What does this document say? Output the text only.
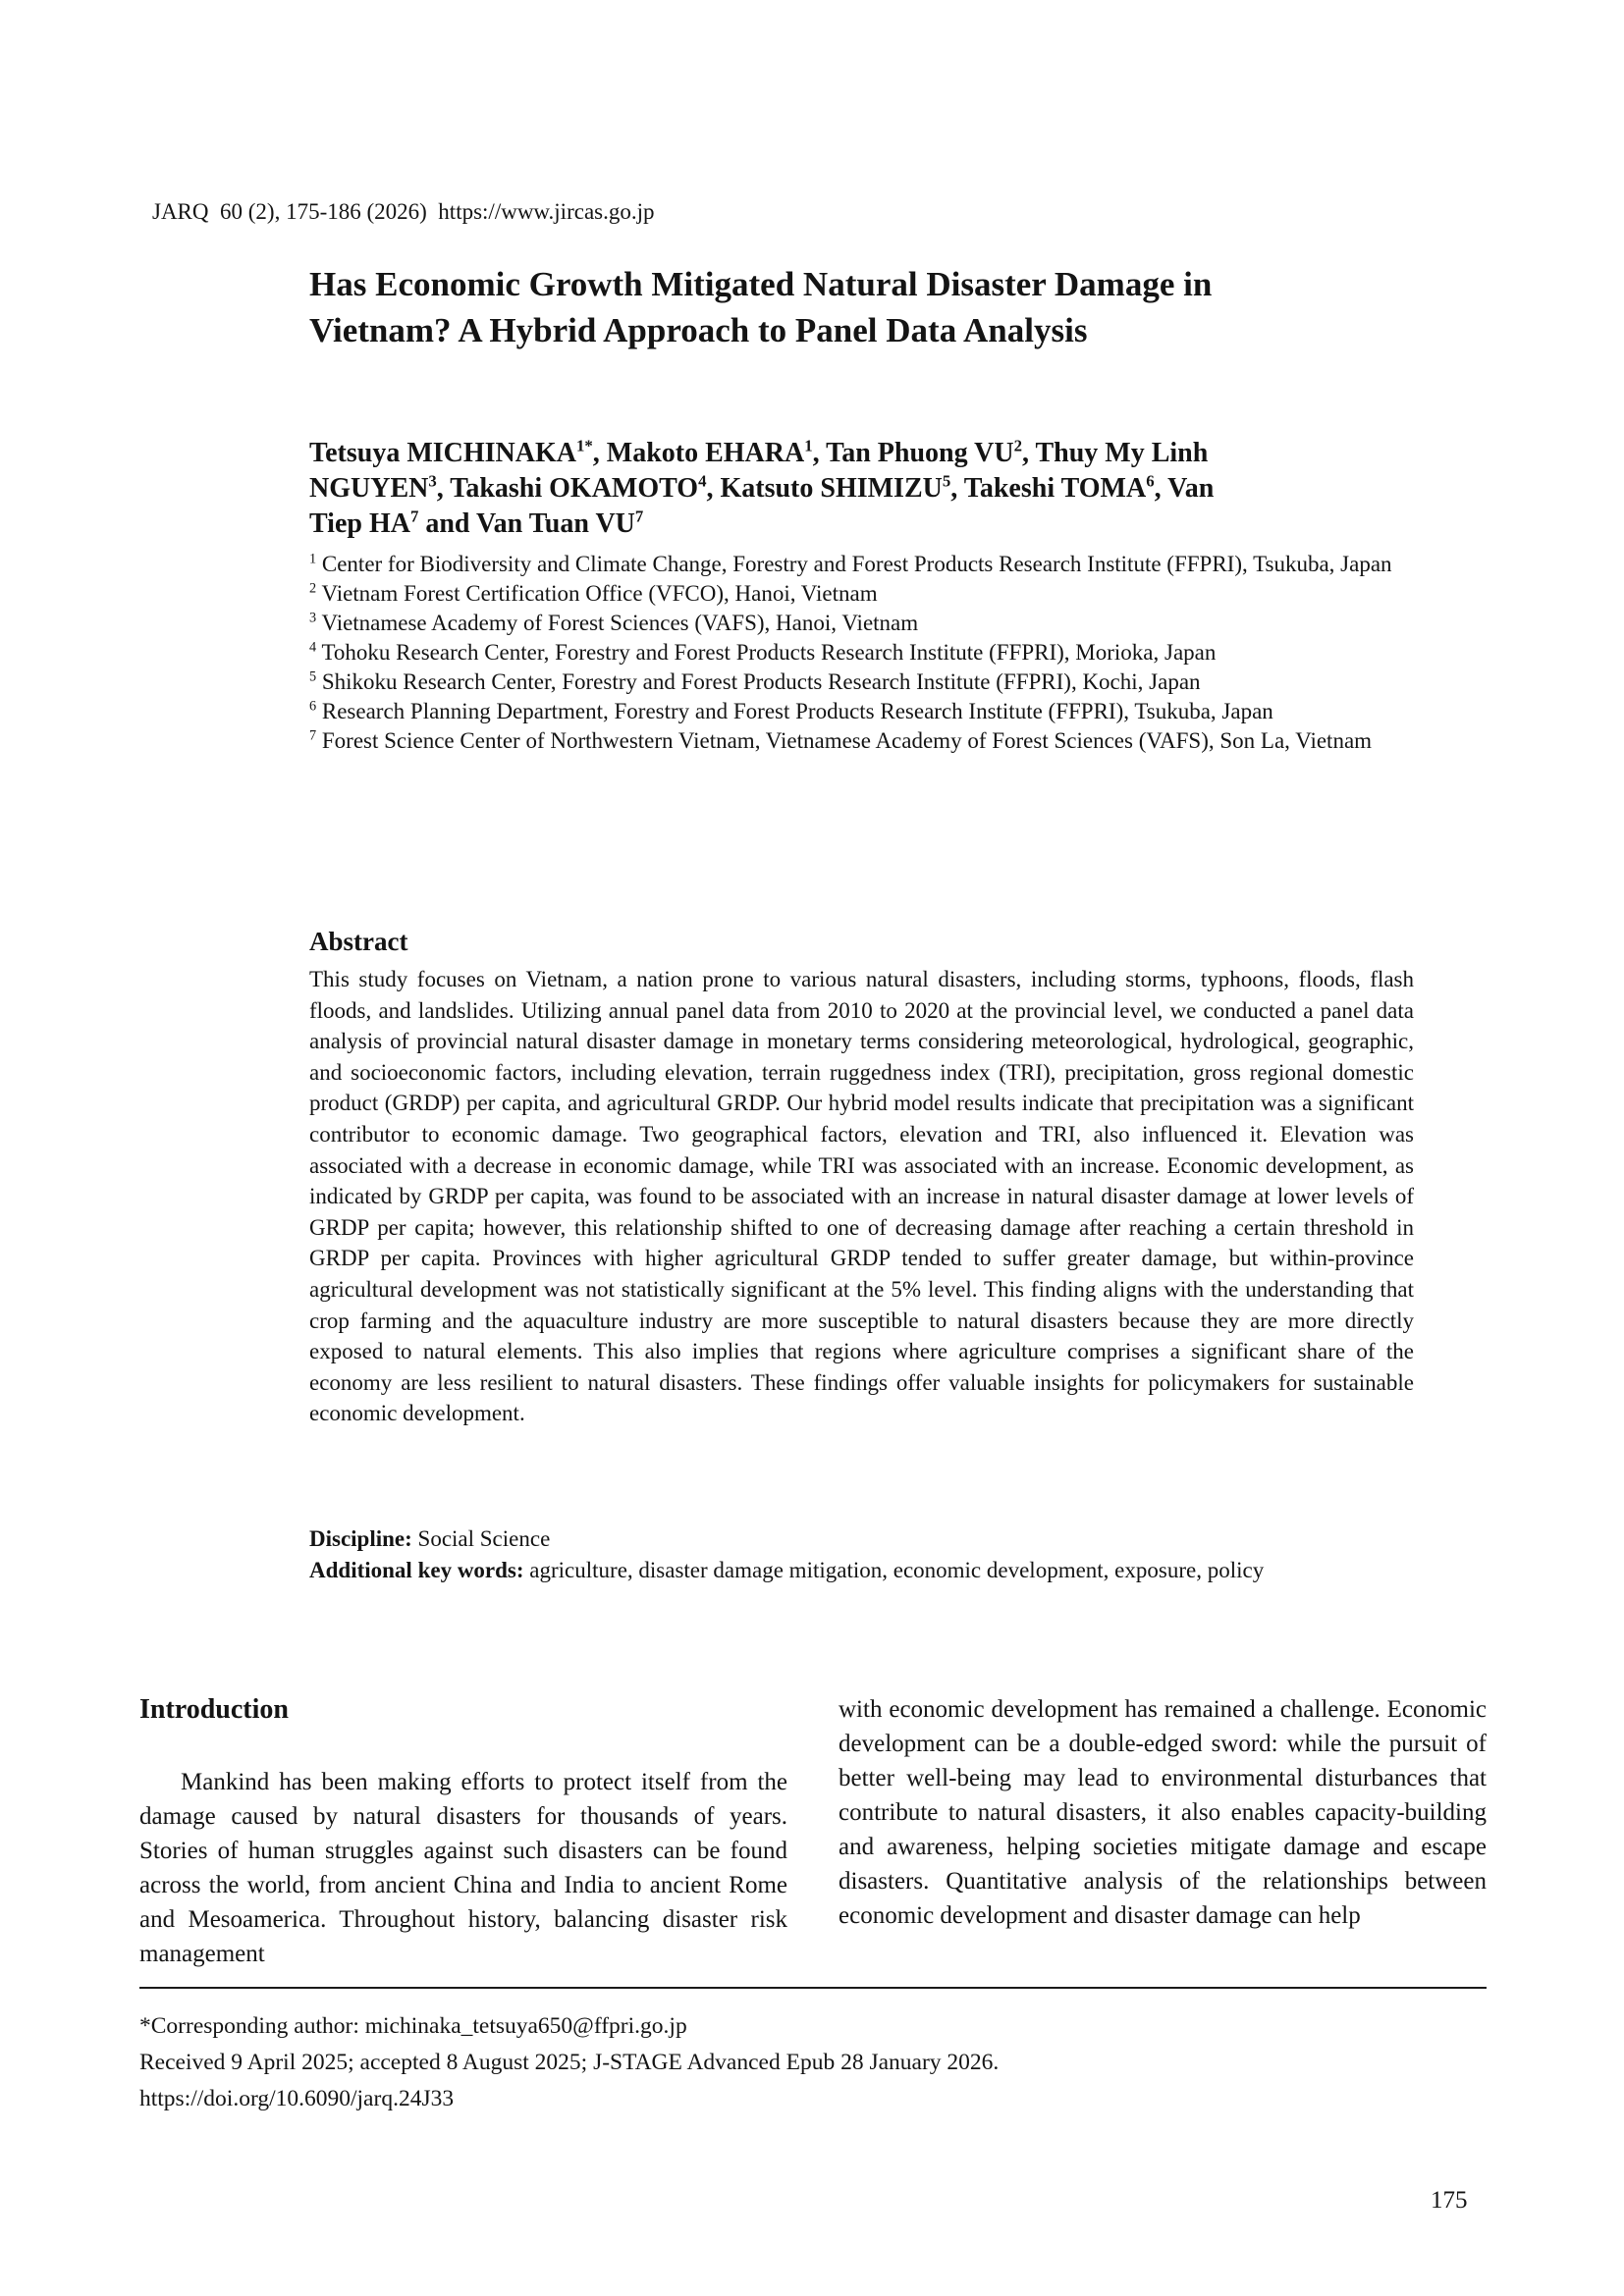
JARQ  60 (2), 175-186 (2026)  https://www.jircas.go.jp
Has Economic Growth Mitigated Natural Disaster Damage in
Vietnam? A Hybrid Approach to Panel Data Analysis
Tetsuya $MICHINAKA^{1*}$, Makoto EHARA$^1$, Tan Phuong $VU^2$, Thuy My Linh
NGUYEN$^3$, Takashi OKAMOTO$^4$, Katsuto SHIMIZU$^5$, Takeshi TOMA$^6$, Van
Tiep $HA^7$ and Van Tuan $VU^7$
$^1$ Center for Biodiversity and Climate Change, Forestry and Forest Products Research Institute (FFPRI), Tsukuba, Japan
$^2$ Vietnam Forest Certification Office (VFCO), Hanoi, Vietnam
$^3$ Vietnamese Academy of Forest Sciences (VAFS), Hanoi, Vietnam
$^4$ Tohoku Research Center, Forestry and Forest Products Research Institute (FFPRI), Morioka, Japan
$^5$ Shikoku Research Center, Forestry and Forest Products Research Institute (FFPRI), Kochi, Japan
$^6$ Research Planning Department, Forestry and Forest Products Research Institute (FFPRI), Tsukuba, Japan
$^7$ Forest Science Center of Northwestern Vietnam, Vietnamese Academy of Forest Sciences (VAFS), Son La, Vietnam
Abstract

This study focuses on Vietnam, a nation prone to various natural disasters, including storms, typhoons, floods, flash floods, and landslides. Utilizing annual panel data from 2010 to 2020 at the provincial level, we conducted a panel data analysis of provincial natural disaster damage in monetary terms considering meteorological, hydrological, geographic, and socioeconomic factors, including elevation, terrain ruggedness index (TRI), precipitation, gross regional domestic product (GRDP) per capita, and agricultural GRDP. Our hybrid model results indicate that precipitation was a significant contributor to economic damage. Two geographical factors, elevation and TRI, also influenced it. Elevation was associated with a decrease in economic damage, while TRI was associated with an increase. Economic development, as indicated by GRDP per capita, was found to be associated with an increase in natural disaster damage at lower levels of GRDP per capita; however, this relationship shifted to one of decreasing damage after reaching a certain threshold in GRDP per capita. Provinces with higher agricultural GRDP tended to suffer greater damage, but within-province agricultural development was not statistically significant at the 5% level. This finding aligns with the understanding that crop farming and the aquaculture industry are more susceptible to natural disasters because they are more directly exposed to natural elements. This also implies that regions where agriculture comprises a significant share of the economy are less resilient to natural disasters. These findings offer valuable insights for policymakers for sustainable economic development.

Discipline: Social Science

Additional key words: agriculture, disaster damage mitigation, economic development, exposure, policy

Introduction

Mankind has been making efforts to protect itself from the damage caused by natural disasters for thousands of years. Stories of human struggles against such disasters can be found across the world, from ancient China and India to ancient Rome and Mesoamerica. Throughout history, balancing disaster risk management

with economic development has remained a challenge. Economic development can be a double-edged sword: while the pursuit of better well-being may lead to environmental disturbances that contribute to natural disasters, it also enables capacity-building and awareness, helping societies mitigate damage and escape disasters. Quantitative analysis of the relationships between economic development and disaster damage can help

*Corresponding author: michinaka_tetsuya650@ffpri.go.jp

Received 9 April 2025; accepted 8 August 2025; J-STAGE Advanced Epub 28 January 2026.

https://doi.org/10.6090/jarq.24J33

175
